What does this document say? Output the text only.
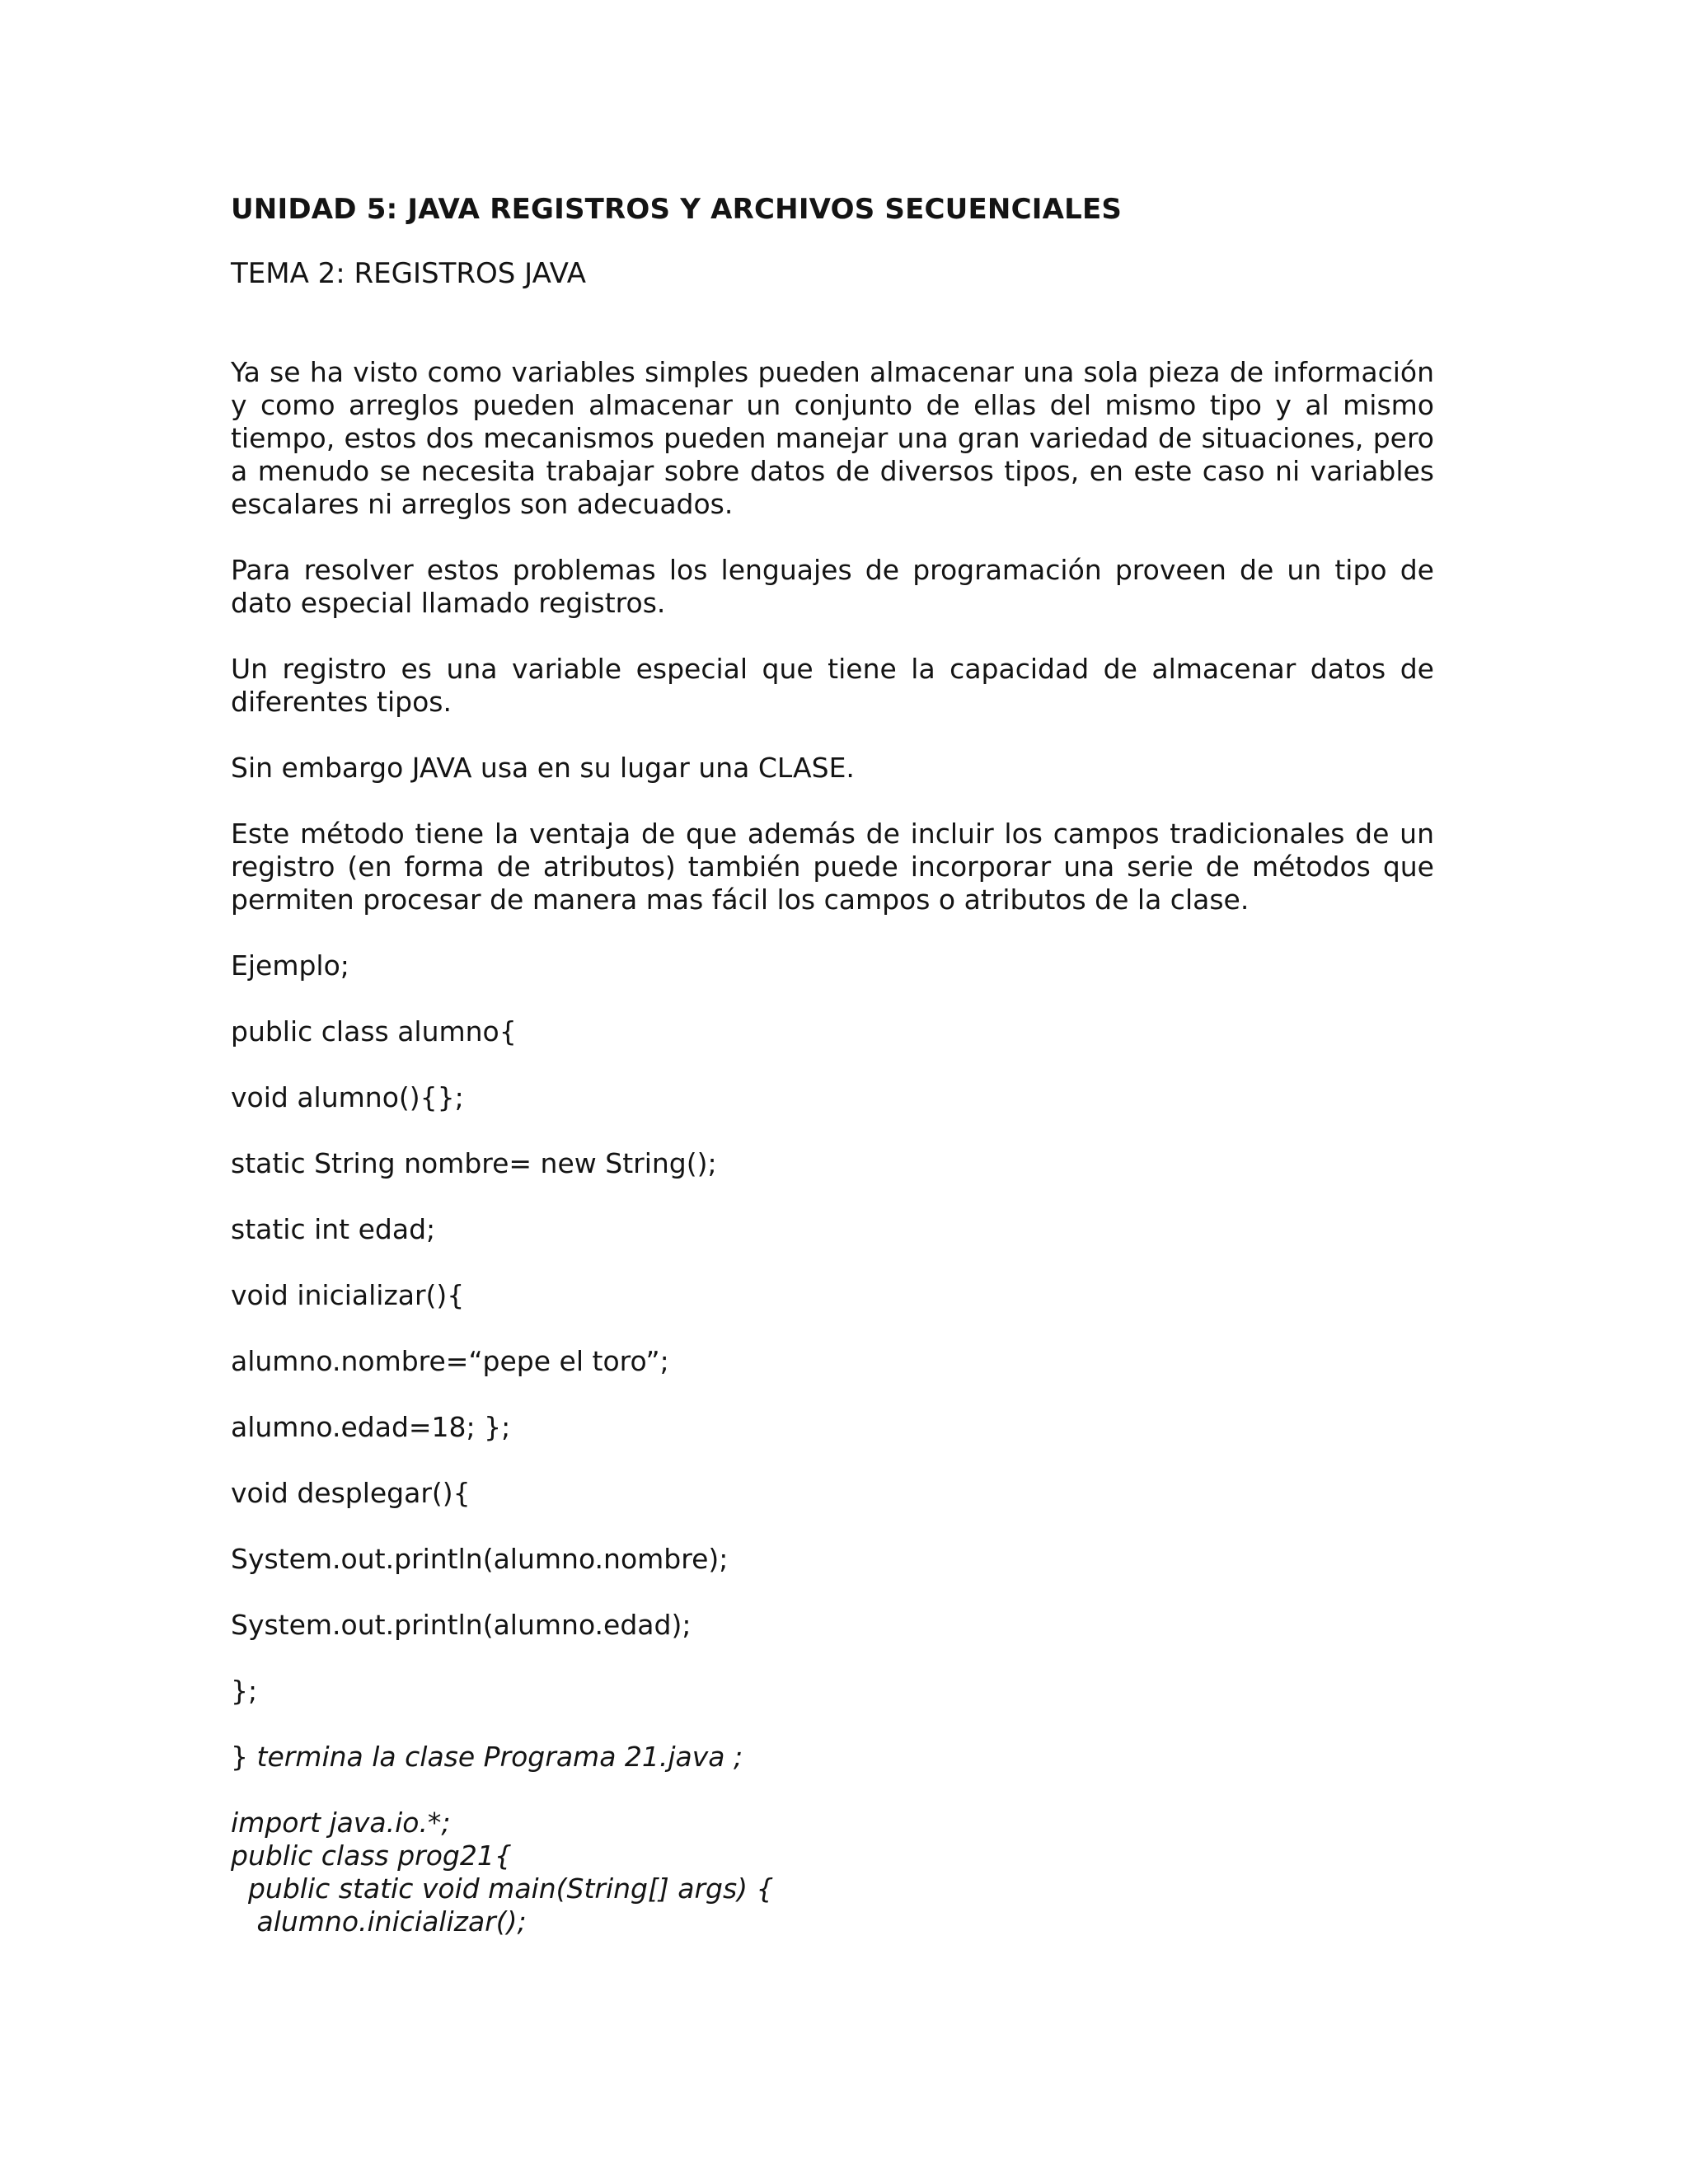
UNIDAD 5: JAVA REGISTROS Y ARCHIVOS SECUENCIALES
TEMA 2: REGISTROS JAVA

Ya se ha visto como variables simples pueden almacenar una sola pieza de información y como arreglos pueden almacenar un conjunto de ellas del mismo tipo y al mismo tiempo, estos dos mecanismos pueden manejar una gran variedad de situaciones, pero a menudo se necesita trabajar sobre datos de diversos tipos, en este caso ni variables escalares ni arreglos son adecuados.

Para resolver estos problemas los lenguajes de programación proveen de un tipo de dato especial llamado registros.

Un registro es una variable especial que tiene la capacidad de almacenar datos de diferentes tipos.

Sin embargo JAVA usa en su lugar una CLASE.

Este método tiene la ventaja de que además de incluir los campos tradicionales de un registro (en forma de atributos) también puede incorporar una serie de métodos que permiten procesar de manera mas fácil los campos o atributos de la clase.

Ejemplo;

public class alumno{

void alumno(){};

static String nombre= new String();

static int edad;

void inicializar(){

alumno.nombre=“pepe el toro”;

alumno.edad=18; };

void desplegar(){

System.out.println(alumno.nombre);

System.out.println(alumno.edad);

};

} termina la clase Programa 21.java ;

import java.io.*;

public class prog21{

public static void main(String[] args) {

alumno.inicializar();
